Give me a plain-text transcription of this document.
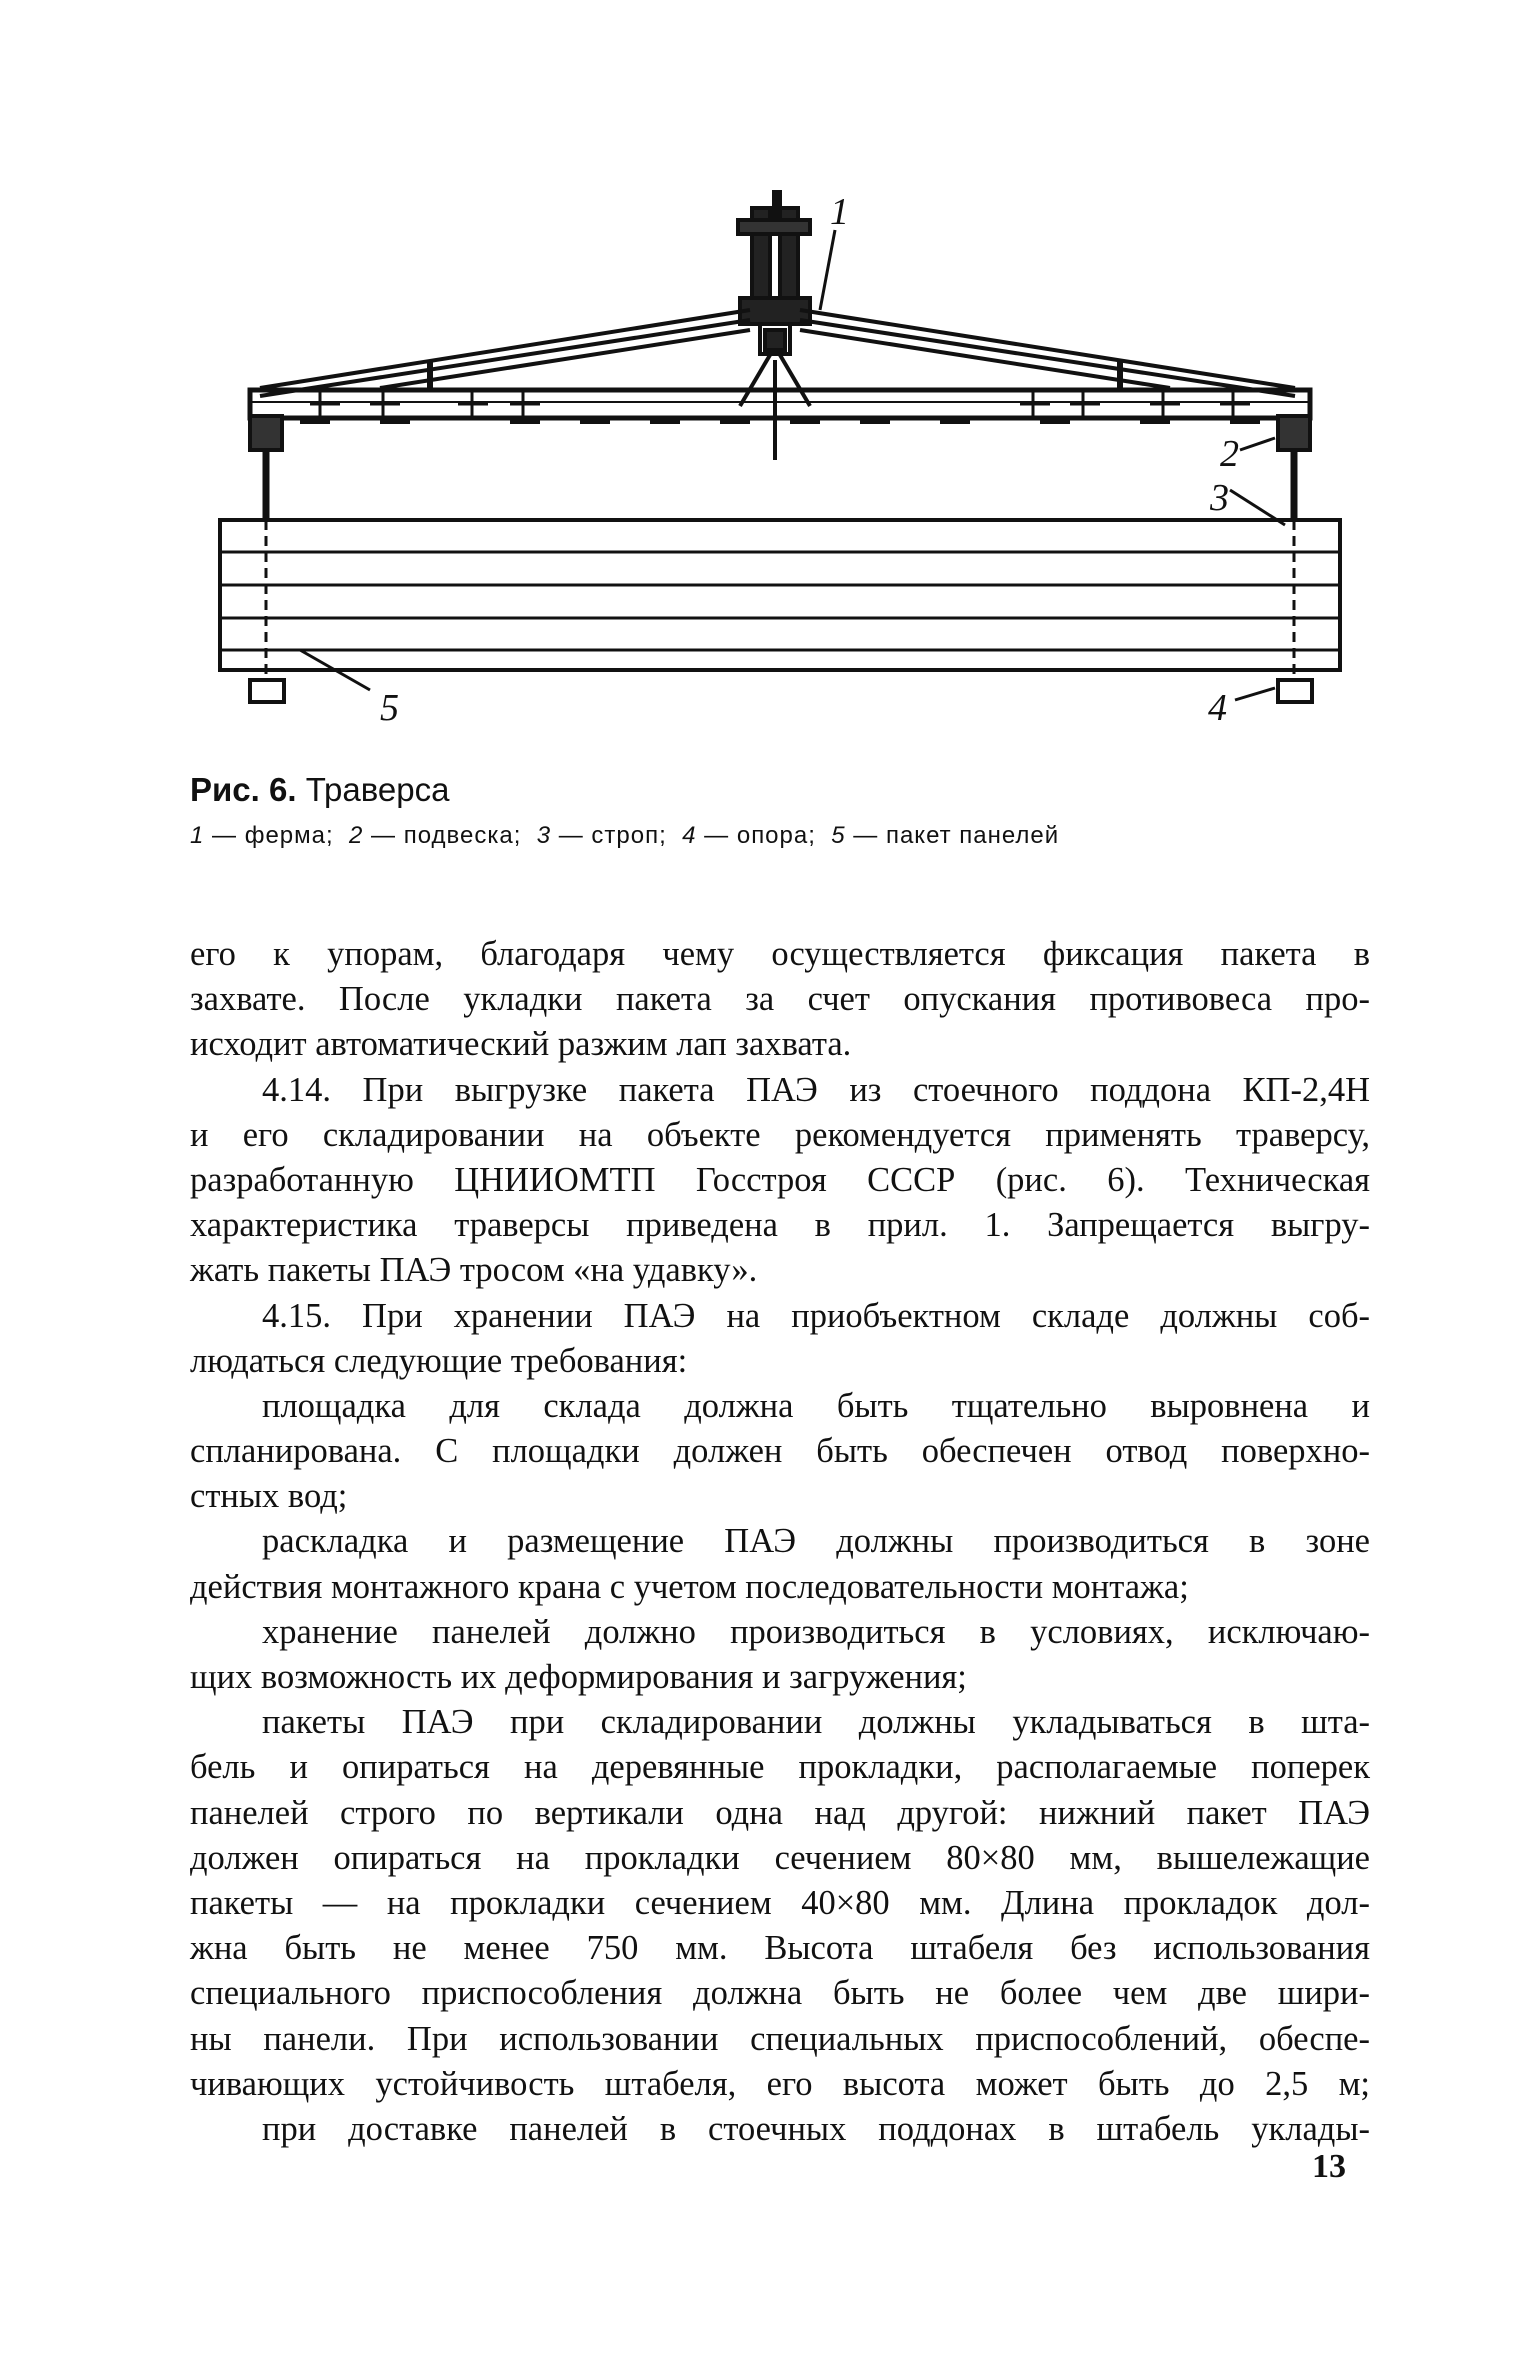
1
2
3
4
5
Рис. 6. Траверса
1 — ферма; 2 — подвеска; 3 — строп; 4 — опора; 5 — пакет панелей
его к упорам, благодаря чему осуществляется фиксация пакета в
захвате. После укладки пакета за счет опускания противовеса про-
исходит автоматический разжим лап захвата.
4.14. При выгрузке пакета ПАЭ из стоечного поддона КП-2,4Н
и его складировании на объекте рекомендуется применять траверсу,
разработанную ЦНИИОМТП Госстроя СССР (рис. 6). Техническая
характеристика траверсы приведена в прил. 1. Запрещается выгру-
жать пакеты ПАЭ тросом «на удавку».
4.15. При хранении ПАЭ на приобъектном складе должны соб-
людаться следующие требования:
площадка для склада должна быть тщательно выровнена и
спланирована. С площадки должен быть обеспечен отвод поверхно-
стных вод;
раскладка и размещение ПАЭ должны производиться в зоне
действия монтажного крана с учетом последовательности монтажа;
хранение панелей должно производиться в условиях, исключаю-
щих возможность их деформирования и загружения;
пакеты ПАЭ при складировании должны укладываться в шта-
бель и опираться на деревянные прокладки, располагаемые поперек
панелей строго по вертикали одна над другой: нижний пакет ПАЭ
должен опираться на прокладки сечением 80×80 мм, вышележащие
пакеты — на прокладки сечением 40×80 мм. Длина прокладок дол-
жна быть не менее 750 мм. Высота штабеля без использования
специального приспособления должна быть не более чем две шири-
ны панели. При использовании специальных приспособлений, обеспе-
чивающих устойчивость штабеля, его высота может быть до 2,5 м;
при доставке панелей в стоечных поддонах в штабель уклады-
13
